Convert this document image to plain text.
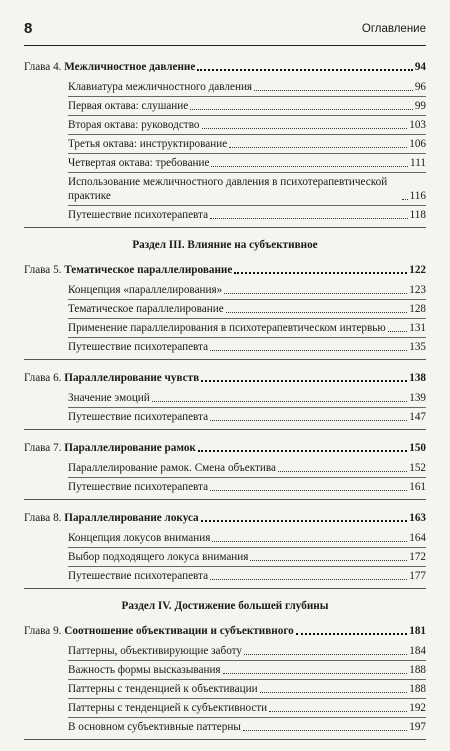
8	Оглавление
Глава 4. Межличностное давление	94
Клавиатура межличностного давления	96
Первая октава: слушание	99
Вторая октава: руководство	103
Третья октава: инструктирование	106
Четвертая октава: требование	111
Использование межличностного давления в психотерапевтической практике	116
Путешествие психотерапевта	118
Раздел III. Влияние на субъективное
Глава 5. Тематическое параллелирование	122
Концепция «параллелирования»	123
Тематическое параллелирование	128
Применение параллелирования в психотерапевтическом интервью 131
Путешествие психотерапевта	135
Глава 6. Параллелирование чувств	138
Значение эмоций	139
Путешествие психотерапевта	147
Глава 7. Параллелирование рамок	150
Параллелирование рамок. Смена объектива	152
Путешествие психотерапевта	161
Глава 8. Параллелирование локуса	163
Концепция локусов внимания	164
Выбор подходящего локуса внимания	172
Путешествие психотерапевта	177
Раздел IV. Достижение большей глубины
Глава 9. Соотношение объективации и субъективного	181
Паттерны, объективирующие заботу	184
Важность формы высказывания	188
Паттерны с тенденцией к объективации	188
Паттерны с тенденцией к субъективности	192
В основном субъективные паттерны	197
